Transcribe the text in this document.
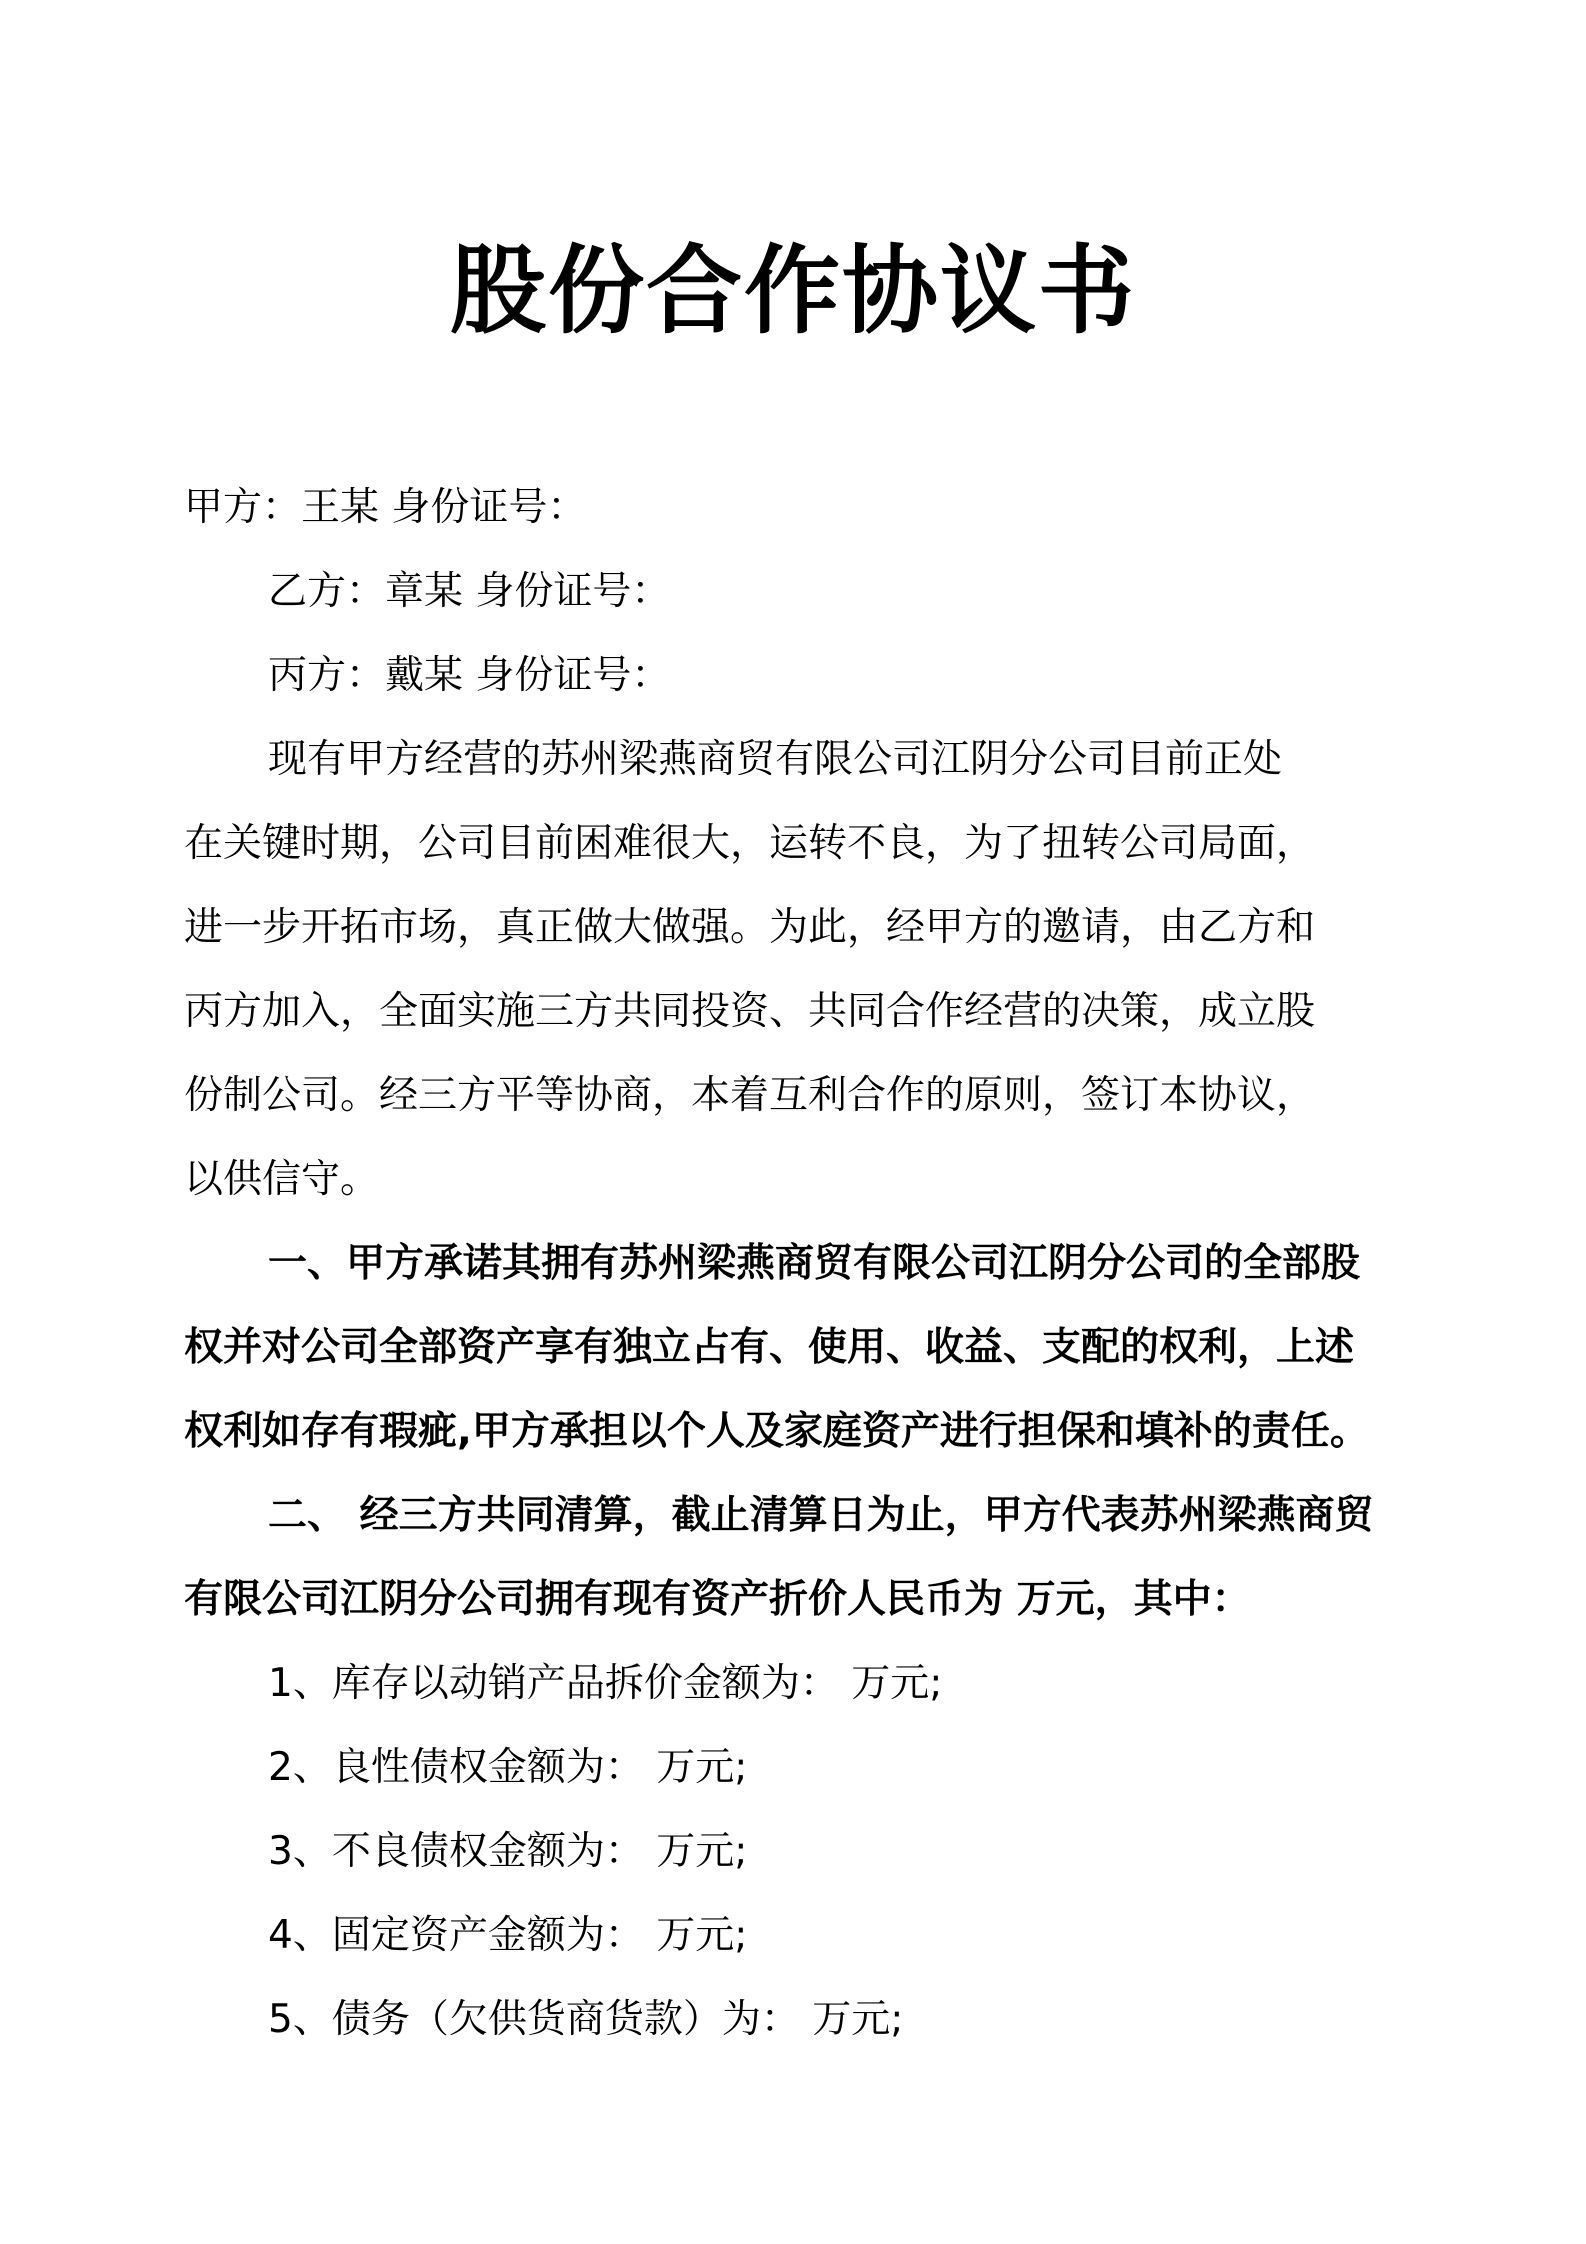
股份合作协议书
甲方：王某 身份证号：
乙方：章某 身份证号：
丙方：戴某 身份证号：
现有甲方经营的苏州梁燕商贸有限公司江阴分公司目前正处
在关键时期，公司目前困难很大，运转不良，为了扭转公司局面，
进一步开拓市场，真正做大做强。为此，经甲方的邀请，由乙方和
丙方加入，全面实施三方共同投资、共同合作经营的决策，成立股
份制公司。经三方平等协商，本着互利合作的原则，签订本协议，
以供信守。
一、甲方承诺其拥有苏州梁燕商贸有限公司江阴分公司的全部股
权并对公司全部资产享有独立占有、使用、收益、支配的权利，上述
权利如存有瑕疵,甲方承担以个人及家庭资产进行担保和填补的责任。
二、 经三方共同清算，截止清算日为止，甲方代表苏州梁燕商贸
有限公司江阴分公司拥有现有资产折价人民币为 万元，其中：
1、库存以动销产品拆价金额为： 万元;
2、良性债权金额为： 万元;
3、不良债权金额为： 万元;
4、固定资产金额为： 万元;
5、债务（欠供货商货款）为： 万元;
